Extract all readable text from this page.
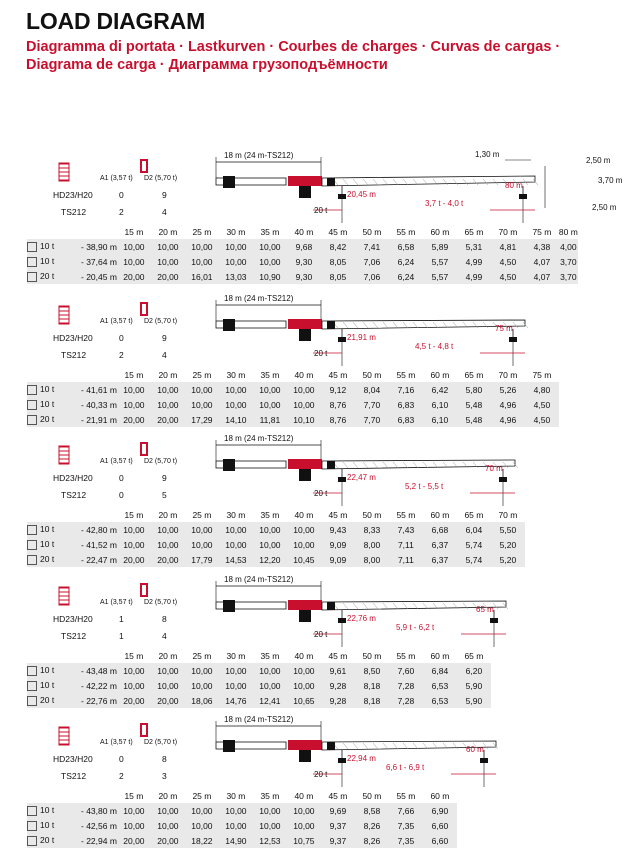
LOAD DIAGRAM
Diagramma di portata · Lastkurven · Courbes de charges · Curvas de cargas ·
Diagrama de carga · Диаграмма грузоподъёмности
A1 (3,57 t) D2 (5,70 t)
HD23/H20	0	9
TS212	2	4
18 m (24 m-TS212)	1,30 m
2,50 m
3,70 m
2,50 m
20 t
20,45 m
3,7 t - 4,0 t
80 m
		15 m	20 m	25 m	30 m	35 m	40 m	45 m	50 m	55 m	60 m	65 m	70 m	75 m	80 m
10 t	- 38,90 m	10,00	10,00	10,00	10,00	10,00	9,68	8,42	7,41	6,58	5,89	5,31	4,81	4,38	4,00
10 t	- 37,64 m	10,00	10,00	10,00	10,00	10,00	9,30	8,05	7,06	6,24	5,57	4,99	4,50	4,07	3,70
20 t	- 20,45 m	20,00	20,00	16,01	13,03	10,90	9,30	8,05	7,06	6,24	5,57	4,99	4,50	4,07	3,70
A1 (3,57 t) D2 (5,70 t)
HD23/H20	0	9
TS212	2	4
18 m (24 m-TS212)
20 t
21,91 m
4,5 t - 4,8 t
75 m
		15 m	20 m	25 m	30 m	35 m	40 m	45 m	50 m	55 m	60 m	65 m	70 m	75 m	
10 t	- 41,61 m	10,00	10,00	10,00	10,00	10,00	10,00	9,12	8,04	7,16	6,42	5,80	5,26	4,80	
10 t	- 40,33 m	10,00	10,00	10,00	10,00	10,00	10,00	8,76	7,70	6,83	6,10	5,48	4,96	4,50	
20 t	- 21,91 m	20,00	20,00	17,29	14,10	11,81	10,10	8,76	7,70	6,83	6,10	5,48	4,96	4,50	
A1 (3,57 t) D2 (5,70 t)
HD23/H20	0	9
TS212	0	5
18 m (24 m-TS212)
20 t
22,47 m
5,2 t - 5,5 t
70 m
		15 m	20 m	25 m	30 m	35 m	40 m	45 m	50 m	55 m	60 m	65 m	70 m		
10 t	- 42,80 m	10,00	10,00	10,00	10,00	10,00	10,00	9,43	8,33	7,43	6,68	6,04	5,50		
10 t	- 41,52 m	10,00	10,00	10,00	10,00	10,00	10,00	9,09	8,00	7,11	6,37	5,74	5,20		
20 t	- 22,47 m	20,00	20,00	17,79	14,53	12,20	10,45	9,09	8,00	7,11	6,37	5,74	5,20		
A1 (3,57 t) D2 (5,70 t)
HD23/H20	1	8
TS212	1	4
18 m (24 m-TS212)
20 t
22,76 m
5,9 t - 6,2 t
65 m
		15 m	20 m	25 m	30 m	35 m	40 m	45 m	50 m	55 m	60 m	65 m			
10 t	- 43,48 m	10,00	10,00	10,00	10,00	10,00	10,00	9,61	8,50	7,60	6,84	6,20			
10 t	- 42,22 m	10,00	10,00	10,00	10,00	10,00	10,00	9,28	8,18	7,28	6,53	5,90			
20 t	- 22,76 m	20,00	20,00	18,06	14,76	12,41	10,65	9,28	8,18	7,28	6,53	5,90			
A1 (3,57 t) D2 (5,70 t)
HD23/H20	0	8
TS212	2	3
18 m (24 m-TS212)
20 t
22,94 m
6,6 t - 6,9 t
60 m
		15 m	20 m	25 m	30 m	35 m	40 m	45 m	50 m	55 m	60 m				
10 t	- 43,80 m	10,00	10,00	10,00	10,00	10,00	10,00	9,69	8,58	7,66	6,90				
10 t	- 42,56 m	10,00	10,00	10,00	10,00	10,00	10,00	9,37	8,26	7,35	6,60				
20 t	- 22,94 m	20,00	20,00	18,22	14,90	12,53	10,75	9,37	8,26	7,35	6,60				
